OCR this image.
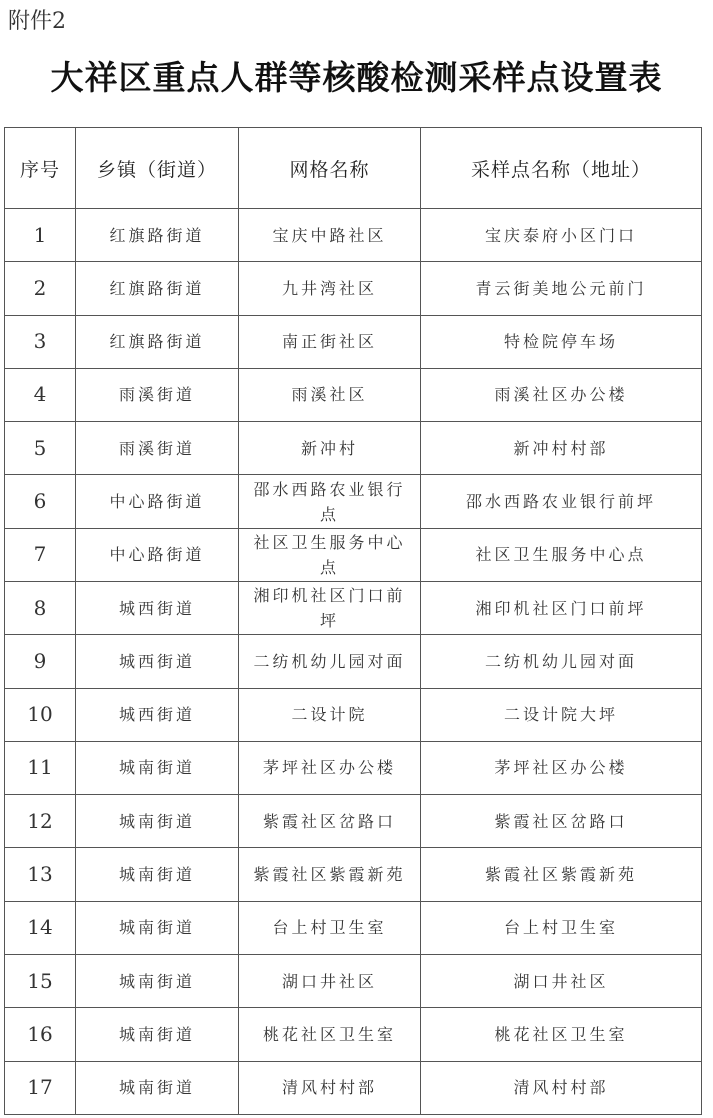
附件2
大祥区重点人群等核酸检测采样点设置表
序号	乡镇（街道）	网格名称	采样点名称（地址）
1	红旗路街道	宝庆中路社区	宝庆泰府小区门口
2	红旗路街道	九井湾社区	青云街美地公元前门
3	红旗路街道	南正街社区	特检院停车场
4	雨溪街道	雨溪社区	雨溪社区办公楼
5	雨溪街道	新冲村	新冲村村部
6	中心路街道	邵水西路农业银行点	邵水西路农业银行前坪
7	中心路街道	社区卫生服务中心点	社区卫生服务中心点
8	城西街道	湘印机社区门口前坪	湘印机社区门口前坪
9	城西街道	二纺机幼儿园对面	二纺机幼儿园对面
10	城西街道	二设计院	二设计院大坪
11	城南街道	茅坪社区办公楼	茅坪社区办公楼
12	城南街道	紫霞社区岔路口	紫霞社区岔路口
13	城南街道	紫霞社区紫霞新苑	紫霞社区紫霞新苑
14	城南街道	台上村卫生室	台上村卫生室
15	城南街道	湖口井社区	湖口井社区
16	城南街道	桃花社区卫生室	桃花社区卫生室
17	城南街道	清风村村部	清风村村部
